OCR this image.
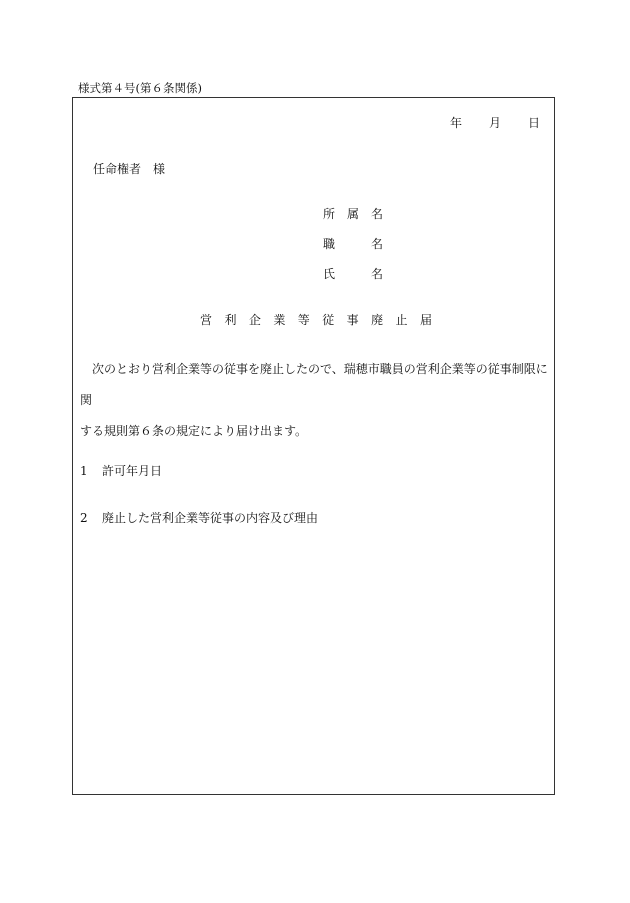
様式第４号(第６条関係)
年 月 日
任命権者　様
所 属 名
職	名
氏	名
営 利 企 業 等 従 事 廃 止 届
　次のとおり営利企業等の従事を廃止したので、瑞穂市職員の営利企業等の従事制限に関
する規則第６条の規定により届け出ます。
1 許可年月日
2 廃止した営利企業等従事の内容及び理由
